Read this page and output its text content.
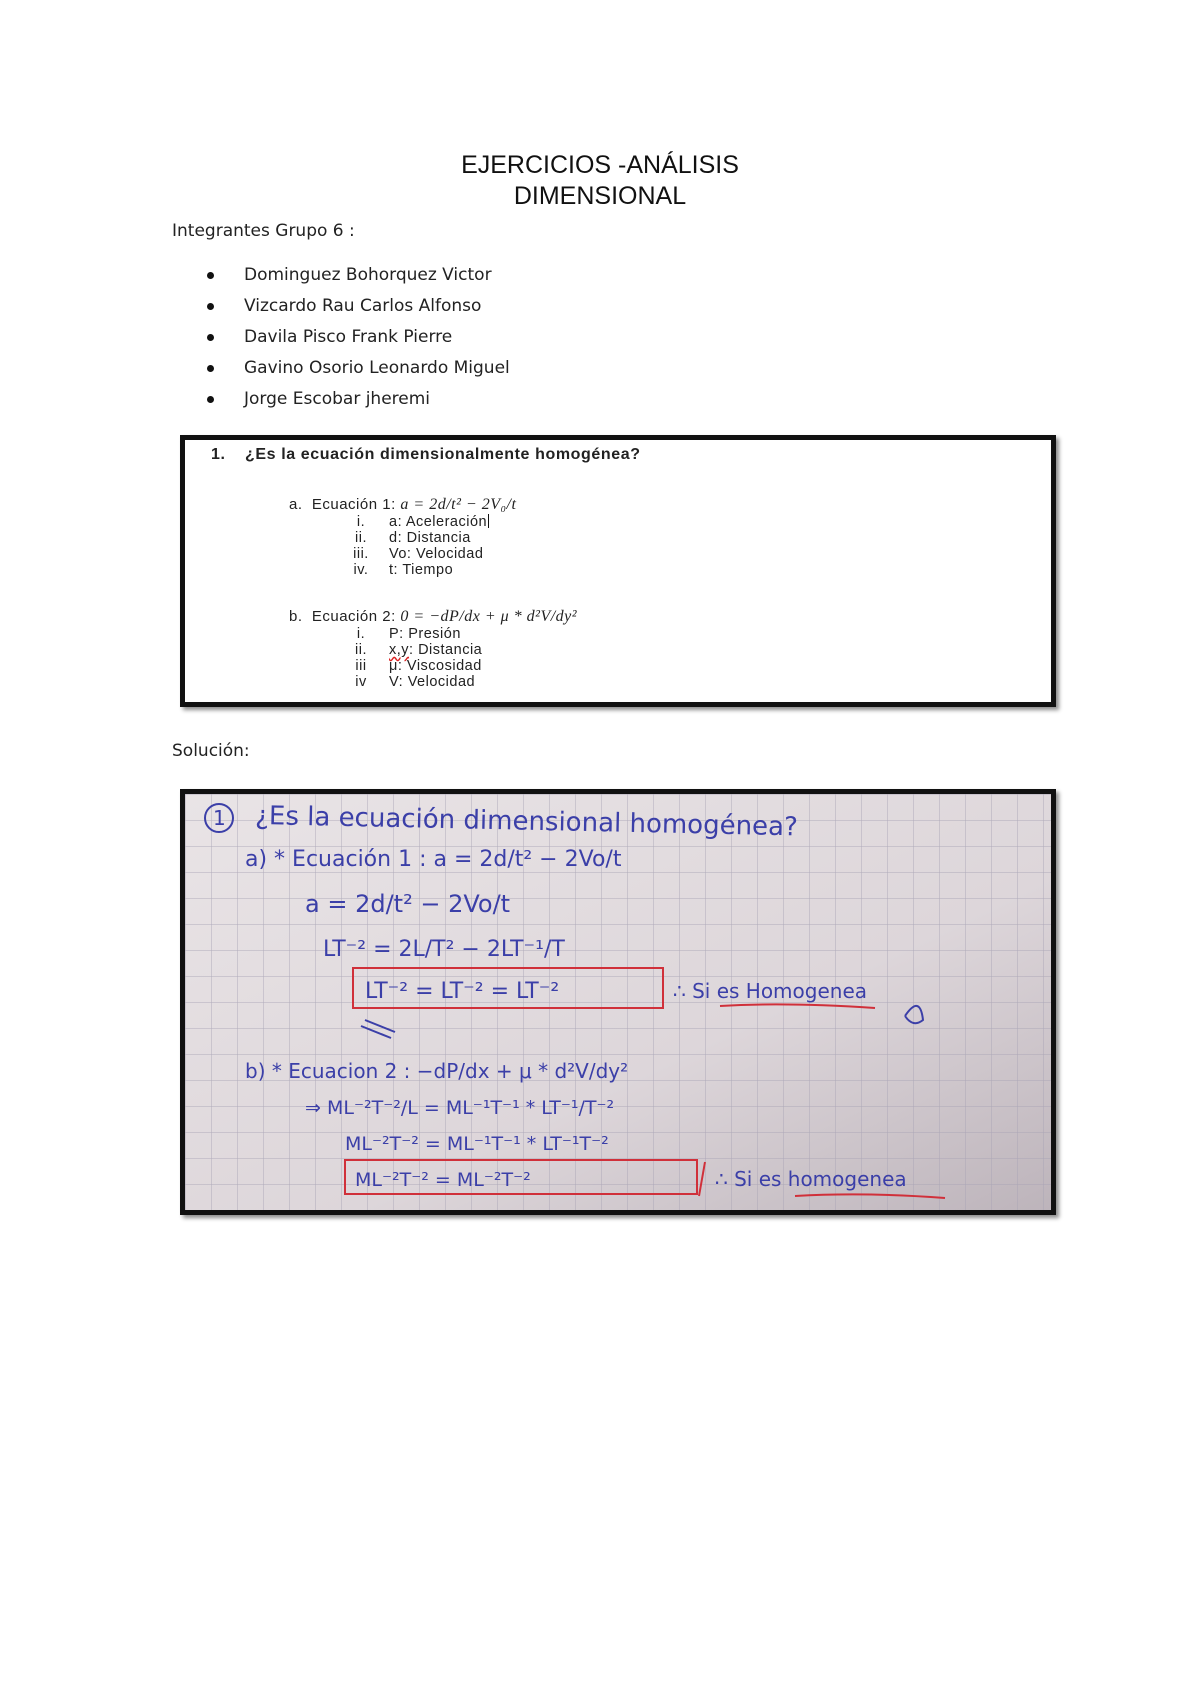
EJERCICIOS -ANÁLISIS
DIMENSIONAL
Integrantes Grupo 6 :
Dominguez Bohorquez Victor
Vizcardo Rau Carlos Alfonso
Davila Pisco Frank Pierre
Gavino Osorio Leonardo Miguel
Jorge Escobar jheremi
1. ¿Es la ecuación dimensionalmente homogénea?
a. Ecuación 1: a = 2d/t² − 2V₀/t
i. a: Aceleración
ii. d: Distancia
iii. Vo: Velocidad
iv. t: Tiempo
b. Ecuación 2: 0 = −dP/dx + μ * d²V/dy²
i. P: Presión
ii. x,y: Distancia
iii μ: Viscosidad
iv V: Velocidad
Solución:
1 ¿Es la ecuación dimensional homogénea?
a) * Ecuación 1 : a = 2d/t² − 2Vo/t
a = 2d/t² − 2Vo/t
LT⁻² = 2L/T² − 2LT⁻¹/T
LT⁻² = LT⁻² = LT⁻²	∴ Si es Homogenea
b) * Ecuacion 2 : −dP/dx + μ * d²V/dy²
⇒ ML⁻²T⁻²/L = ML⁻¹T⁻¹ * LT⁻¹/T⁻²
ML⁻²T⁻² = ML⁻¹T⁻¹ * LT⁻¹T⁻²
ML⁻²T⁻² = ML⁻²T⁻²	∴ Si es homogenea
